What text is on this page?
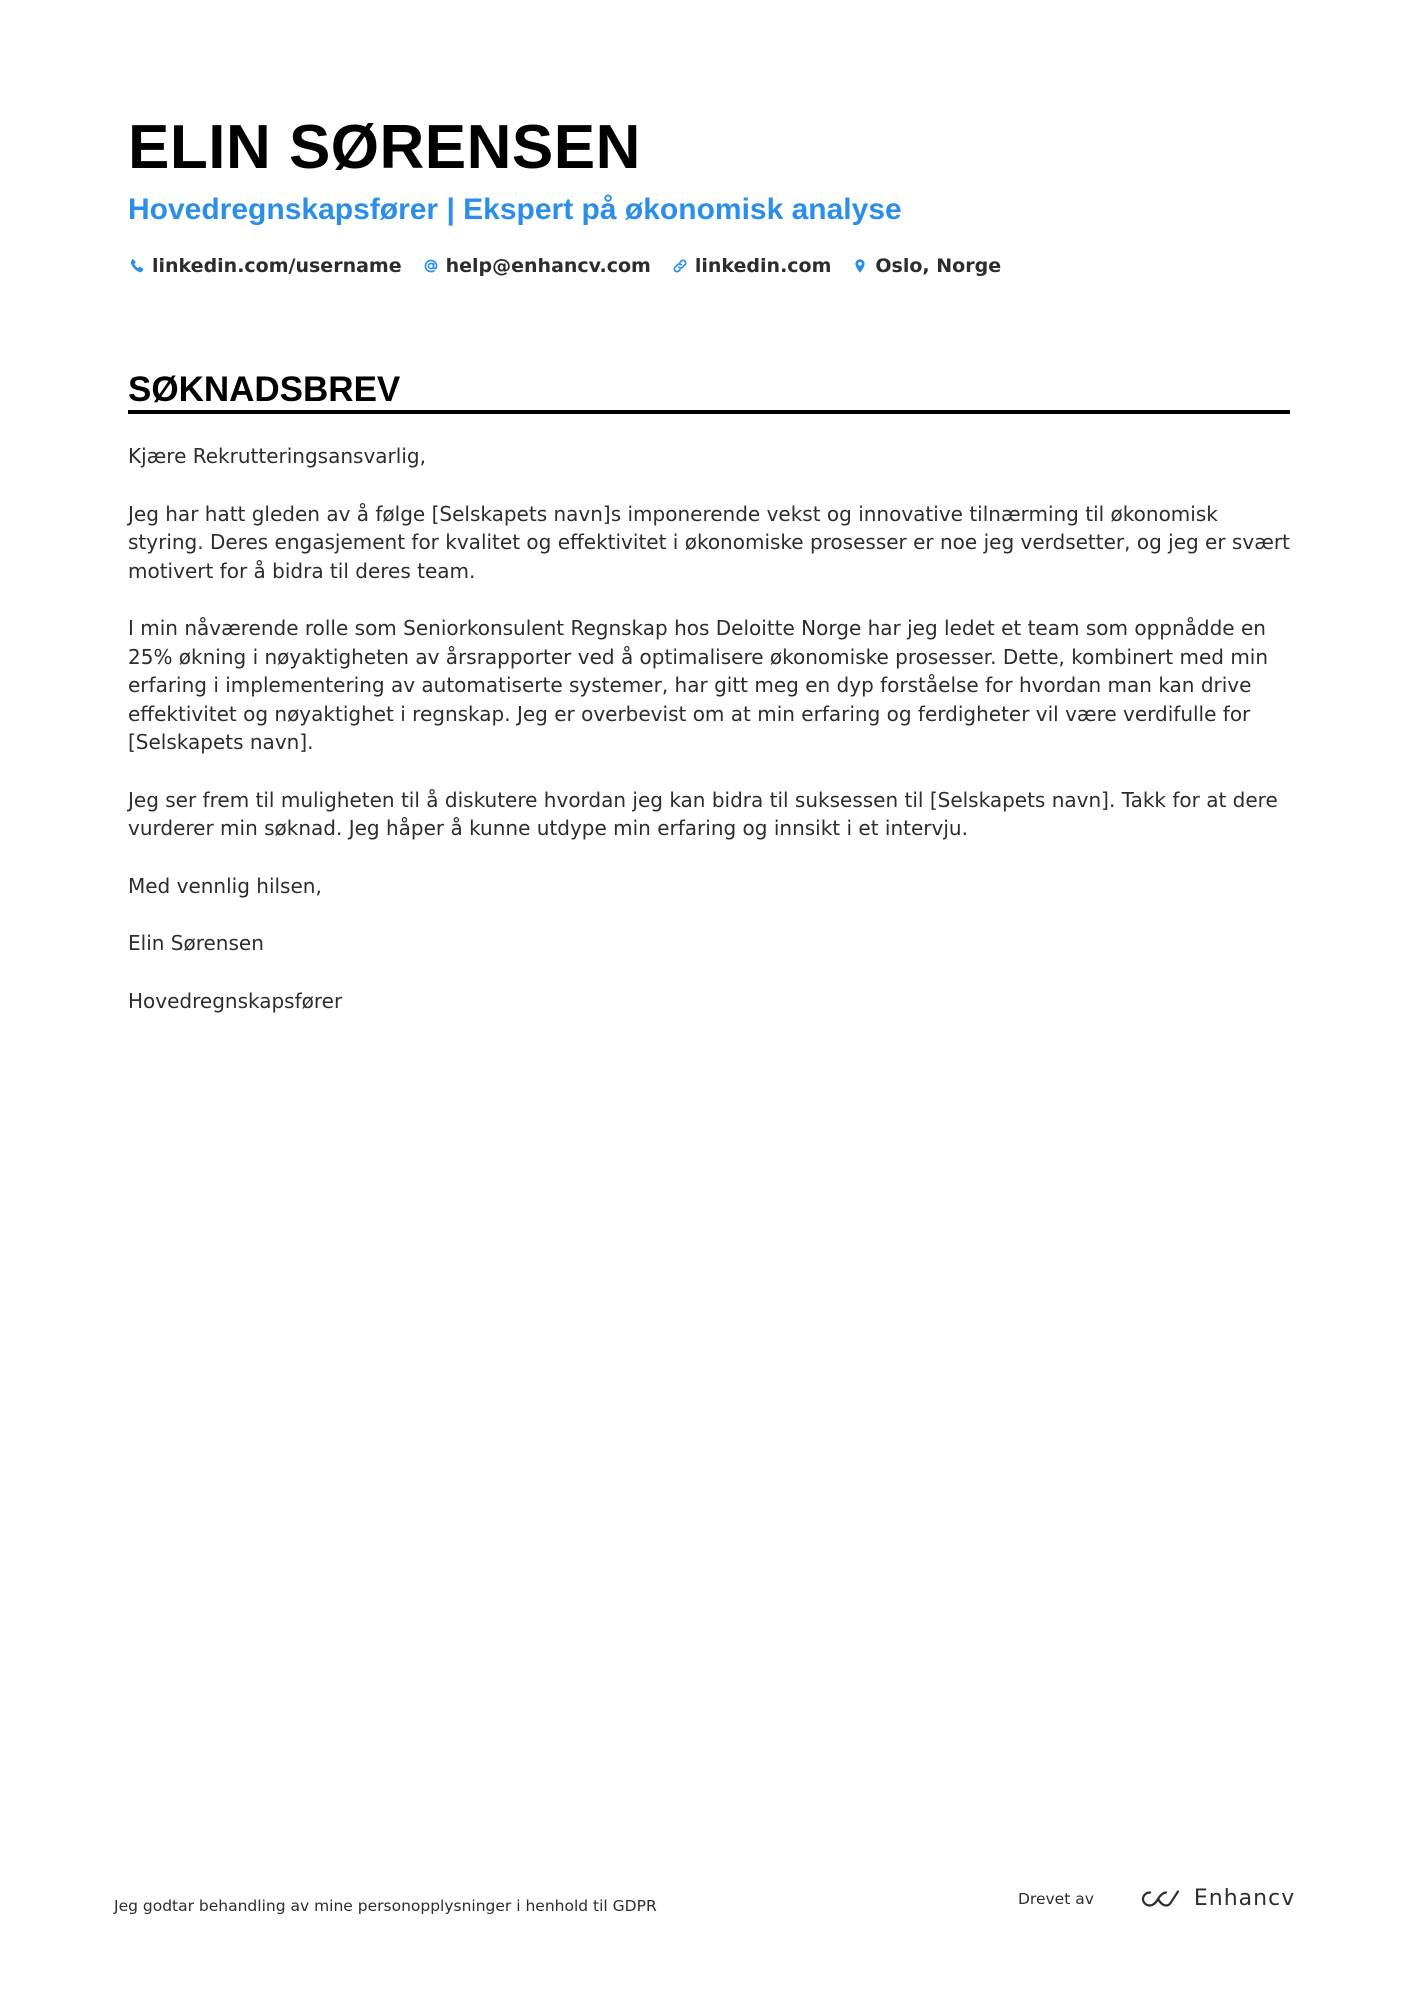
ELIN SØRENSEN
Hovedregnskapsfører | Ekspert på økonomisk analyse
linkedin.com/username help@enhancv.com linkedin.com Oslo, Norge
SØKNADSBREV

Kjære Rekrutteringsansvarlig,

Jeg har hatt gleden av å følge [Selskapets navn]s imponerende vekst og innovative tilnærming til økonomisk styring. Deres engasjement for kvalitet og effektivitet i økonomiske prosesser er noe jeg verdsetter, og jeg er svært motivert for å bidra til deres team.

I min nåværende rolle som Seniorkonsulent Regnskap hos Deloitte Norge har jeg ledet et team som oppnådde en 25% økning i nøyaktigheten av årsrapporter ved å optimalisere økonomiske prosesser. Dette, kombinert med min erfaring i implementering av automatiserte systemer, har gitt meg en dyp forståelse for hvordan man kan drive effektivitet og nøyaktighet i regnskap. Jeg er overbevist om at min erfaring og ferdigheter vil være verdifulle for [Selskapets navn].

Jeg ser frem til muligheten til å diskutere hvordan jeg kan bidra til suksessen til [Selskapets navn]. Takk for at dere vurderer min søknad. Jeg håper å kunne utdype min erfaring og innsikt i et intervju.

Med vennlig hilsen,

Elin Sørensen

Hovedregnskapsfører

Jeg godtar behandling av mine personopplysninger i henhold til GDPR	Drevet av	Enhancv
